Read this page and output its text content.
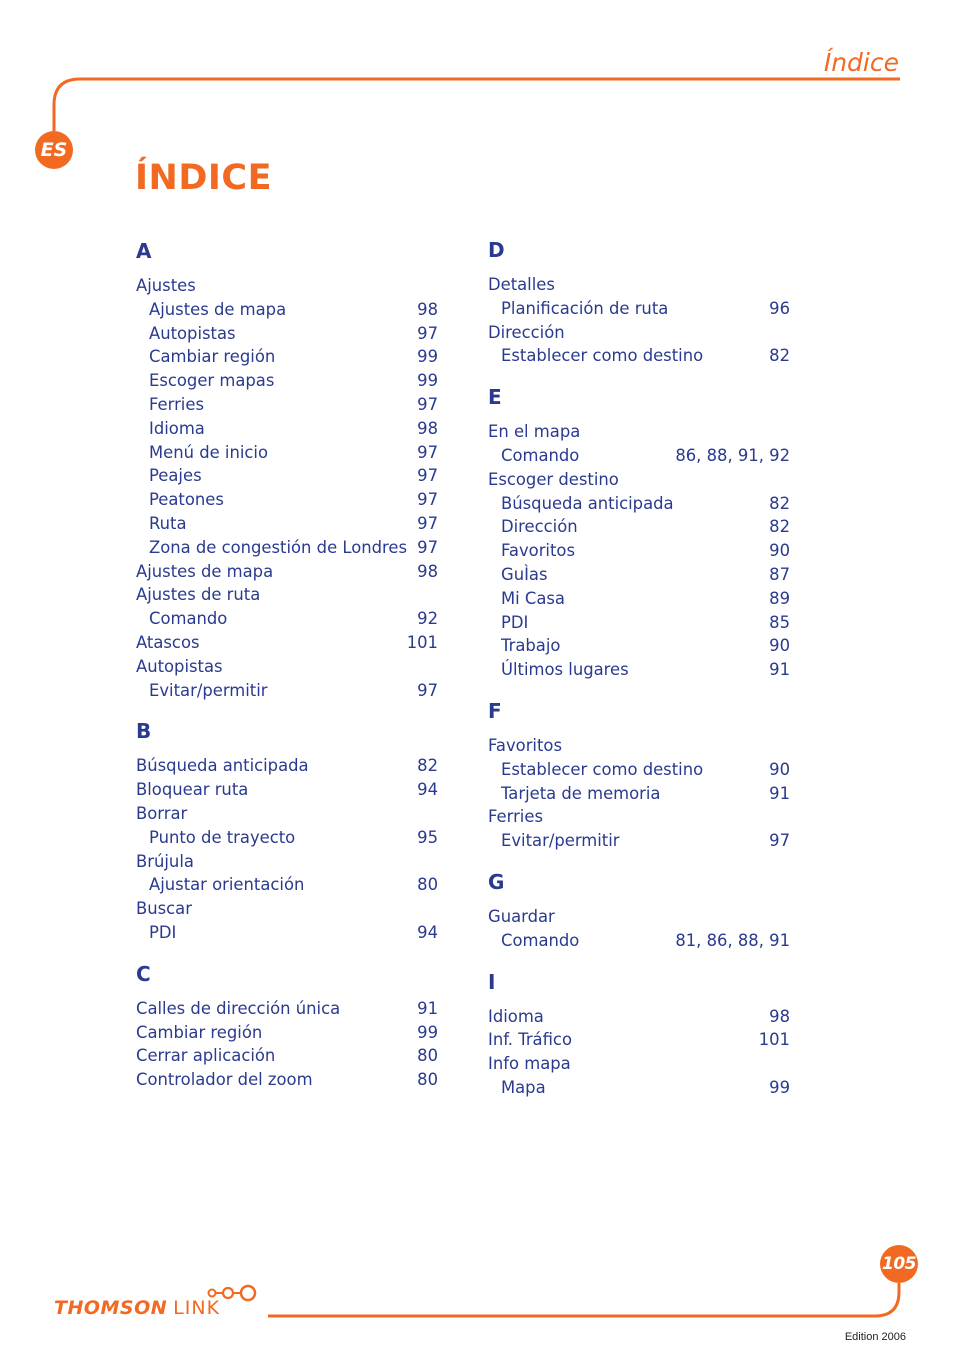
Índice
ES
ÍNDICE
A
Ajustes
Ajustes de mapa	98
Autopistas	97
Cambiar región	99
Escoger mapas	99
Ferries	97
Idioma	98
Menú de inicio	97
Peajes	97
Peatones	97
Ruta	97
Zona de congestión de Londres 97
Ajustes de mapa	98
Ajustes de ruta
Comando	92
Atascos	101
Autopistas
Evitar/permitir	97
B
Búsqueda anticipada	82
Bloquear ruta	94
Borrar
Punto de trayecto	95
Brújula
Ajustar orientación	80
Buscar
PDI	94
C
Calles de dirección única	91
Cambiar región	99
Cerrar aplicación	80
Controlador del zoom	80
D
Detalles
Planificación de ruta	96
Dirección
Establecer como destino	82
E
En el mapa
Comando	86, 88, 91, 92
Escoger destino
Búsqueda anticipada	82
Dirección	82
Favoritos	90
GuÌas	87
Mi Casa	89
PDI	85
Trabajo	90
Últimos lugares	91
F
Favoritos
Establecer como destino	90
Tarjeta de memoria	91
Ferries
Evitar/permitir	97
G
Guardar
Comando	81, 86, 88, 91
I
Idioma	98
Inf. Tráfico	101
Info mapa
Mapa	99
105
THOMSON LINK
Edition 2006
